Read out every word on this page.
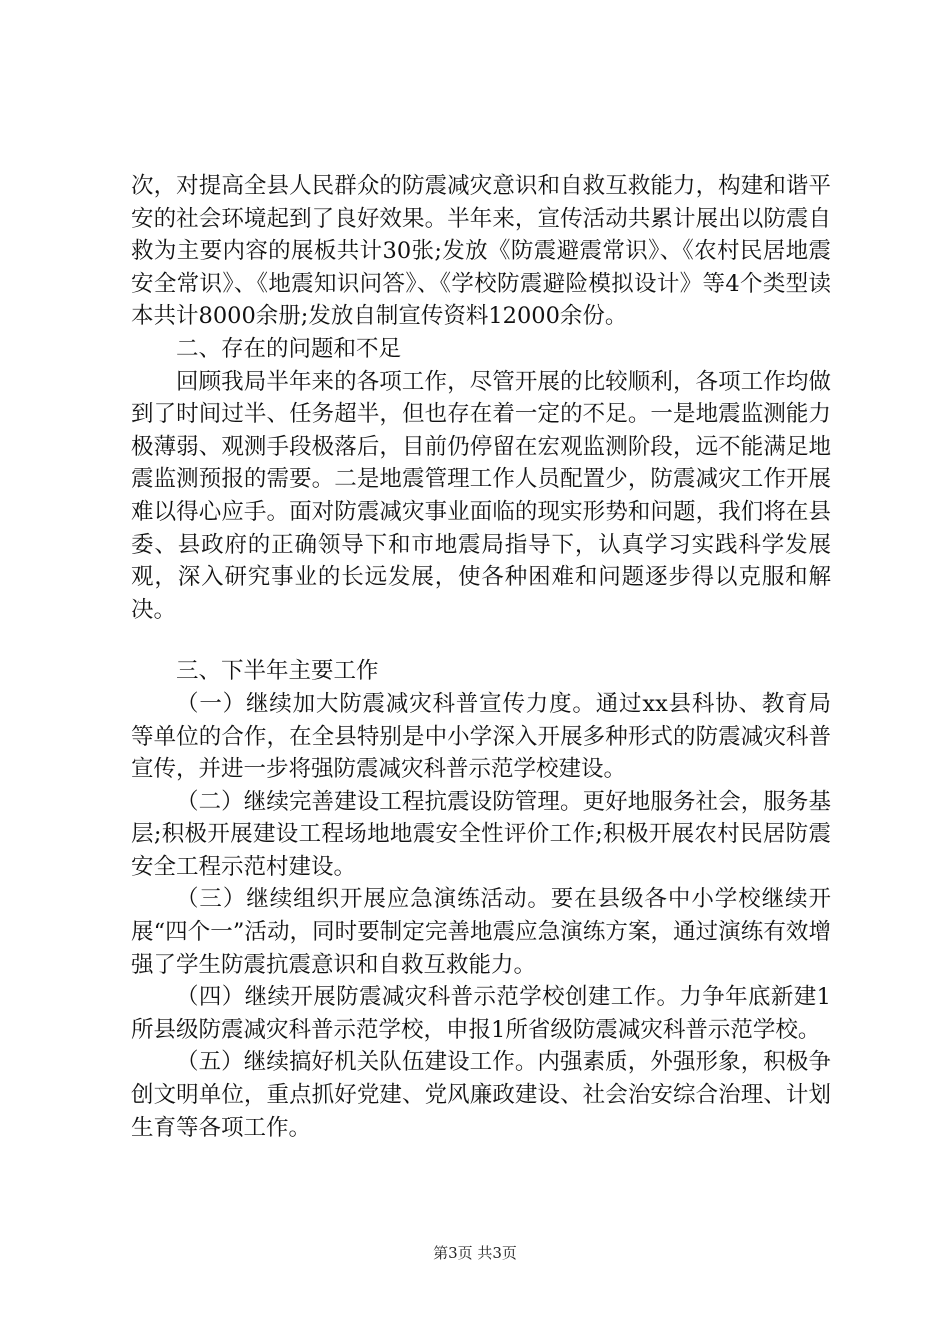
次，对提高全县人民群众的防震减灾意识和自救互救能力，构建和谐平安的社会环境起到了良好效果。半年来，宣传活动共累计展出以防震自救为主要内容的展板共计30张;发放《防震避震常识》、《农村民居地震安全常识》、《地震知识问答》、《学校防震避险模拟设计》等4个类型读本共计8000余册;发放自制宣传资料12000余份。

二、存在的问题和不足

回顾我局半年来的各项工作，尽管开展的比较顺利，各项工作均做到了时间过半、任务超半，但也存在着一定的不足。一是地震监测能力极薄弱、观测手段极落后，目前仍停留在宏观监测阶段，远不能满足地震监测预报的需要。二是地震管理工作人员配置少，防震减灾工作开展难以得心应手。面对防震减灾事业面临的现实形势和问题，我们将在县委、县政府的正确领导下和市地震局指导下，认真学习实践科学发展观，深入研究事业的长远发展，使各种困难和问题逐步得以克服和解决。

三、下半年主要工作

（一）继续加大防震减灾科普宣传力度。通过xx县科协、教育局等单位的合作，在全县特别是中小学深入开展多种形式的防震减灾科普宣传，并进一步将强防震减灾科普示范学校建设。

（二）继续完善建设工程抗震设防管理。更好地服务社会，服务基层;积极开展建设工程场地地震安全性评价工作;积极开展农村民居防震安全工程示范村建设。

（三）继续组织开展应急演练活动。要在县级各中小学校继续开展“四个一”活动，同时要制定完善地震应急演练方案，通过演练有效增强了学生防震抗震意识和自救互救能力。

（四）继续开展防震减灾科普示范学校创建工作。力争年底新建1所县级防震减灾科普示范学校，申报1所省级防震减灾科普示范学校。

（五）继续搞好机关队伍建设工作。内强素质，外强形象，积极争创文明单位，重点抓好党建、党风廉政建设、社会治安综合治理、计划生育等各项工作。

第3页 共3页
